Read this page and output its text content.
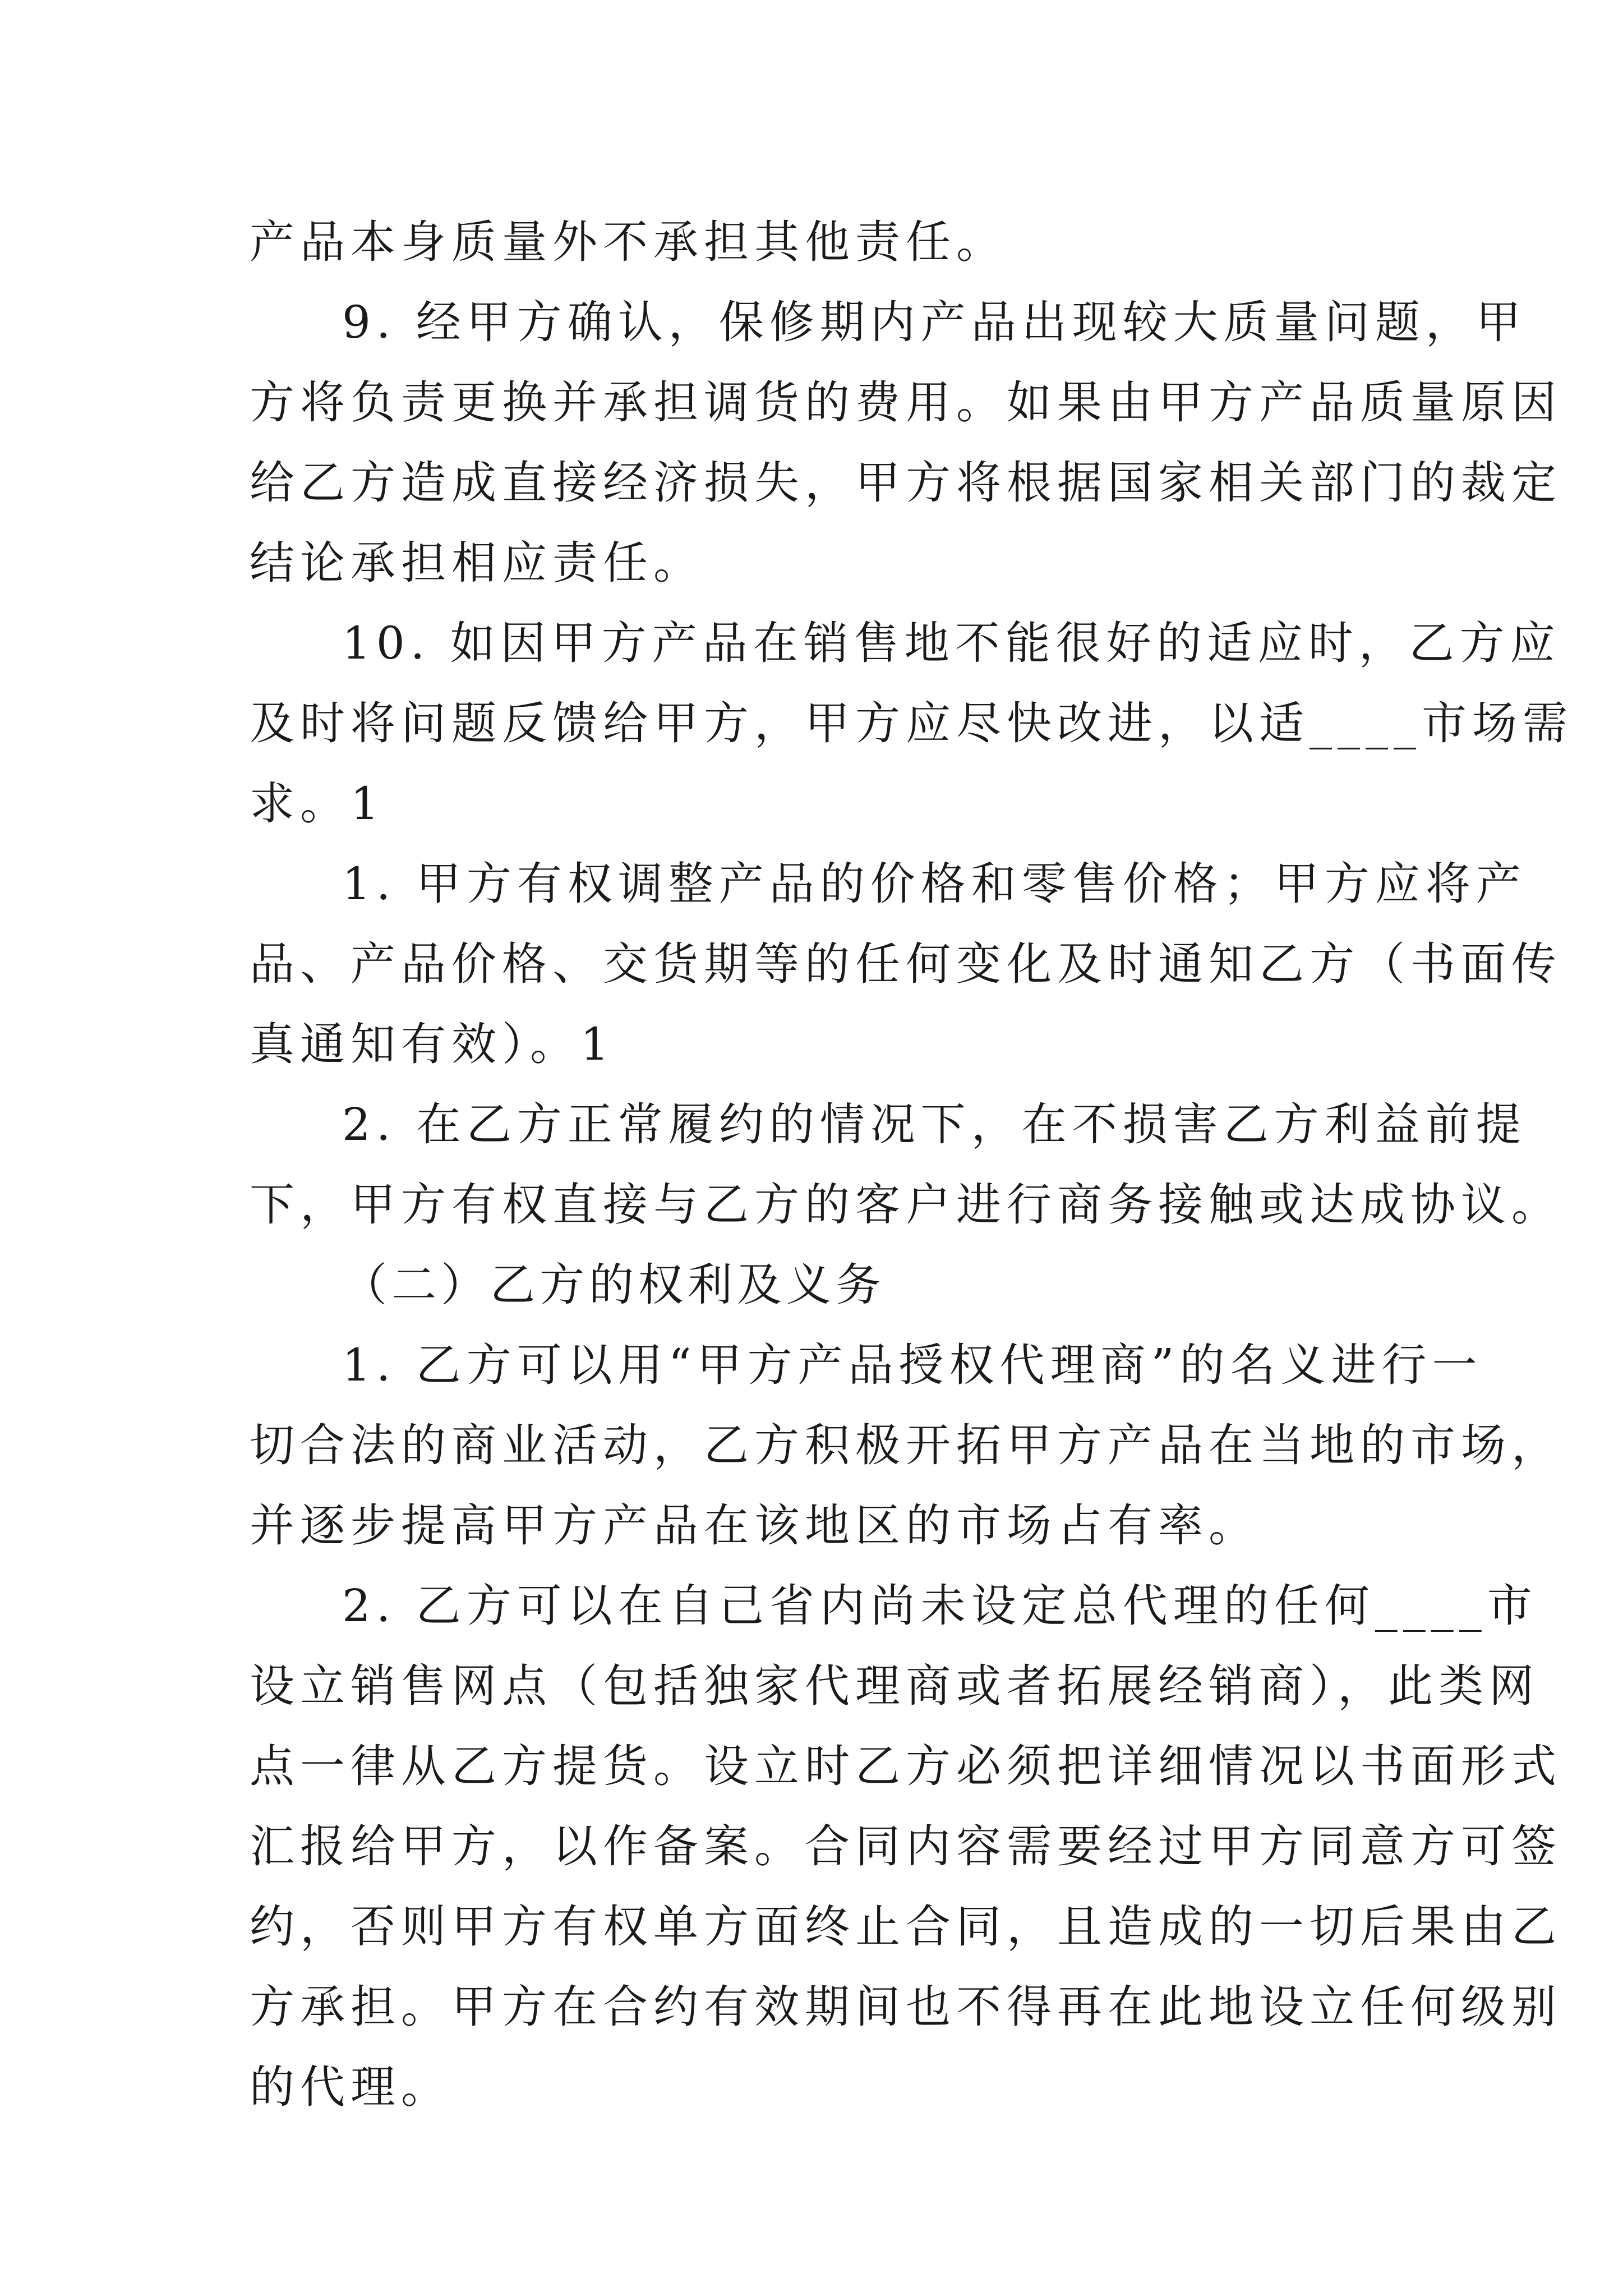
产品本身质量外不承担其他责任。
9. 经甲方确认，保修期内产品出现较大质量问题，甲
方将负责更换并承担调货的费用。如果由甲方产品质量原因
给乙方造成直接经济损失，甲方将根据国家相关部门的裁定
结论承担相应责任。
10. 如因甲方产品在销售地不能很好的适应时，乙方应
及时将问题反馈给甲方，甲方应尽快改进，以适____市场需
求。1
1. 甲方有权调整产品的价格和零售价格；甲方应将产
品、产品价格、交货期等的任何变化及时通知乙方（书面传
真通知有效）。1
2. 在乙方正常履约的情况下，在不损害乙方利益前提
下，甲方有权直接与乙方的客户进行商务接触或达成协议。
（二）乙方的权利及义务
1. 乙方可以用“甲方产品授权代理商”的名义进行一
切合法的商业活动，乙方积极开拓甲方产品在当地的市场，
并逐步提高甲方产品在该地区的市场占有率。
2. 乙方可以在自己省内尚未设定总代理的任何____市
设立销售网点（包括独家代理商或者拓展经销商），此类网
点一律从乙方提货。设立时乙方必须把详细情况以书面形式
汇报给甲方，以作备案。合同内容需要经过甲方同意方可签
约，否则甲方有权单方面终止合同，且造成的一切后果由乙
方承担。甲方在合约有效期间也不得再在此地设立任何级别
的代理。
